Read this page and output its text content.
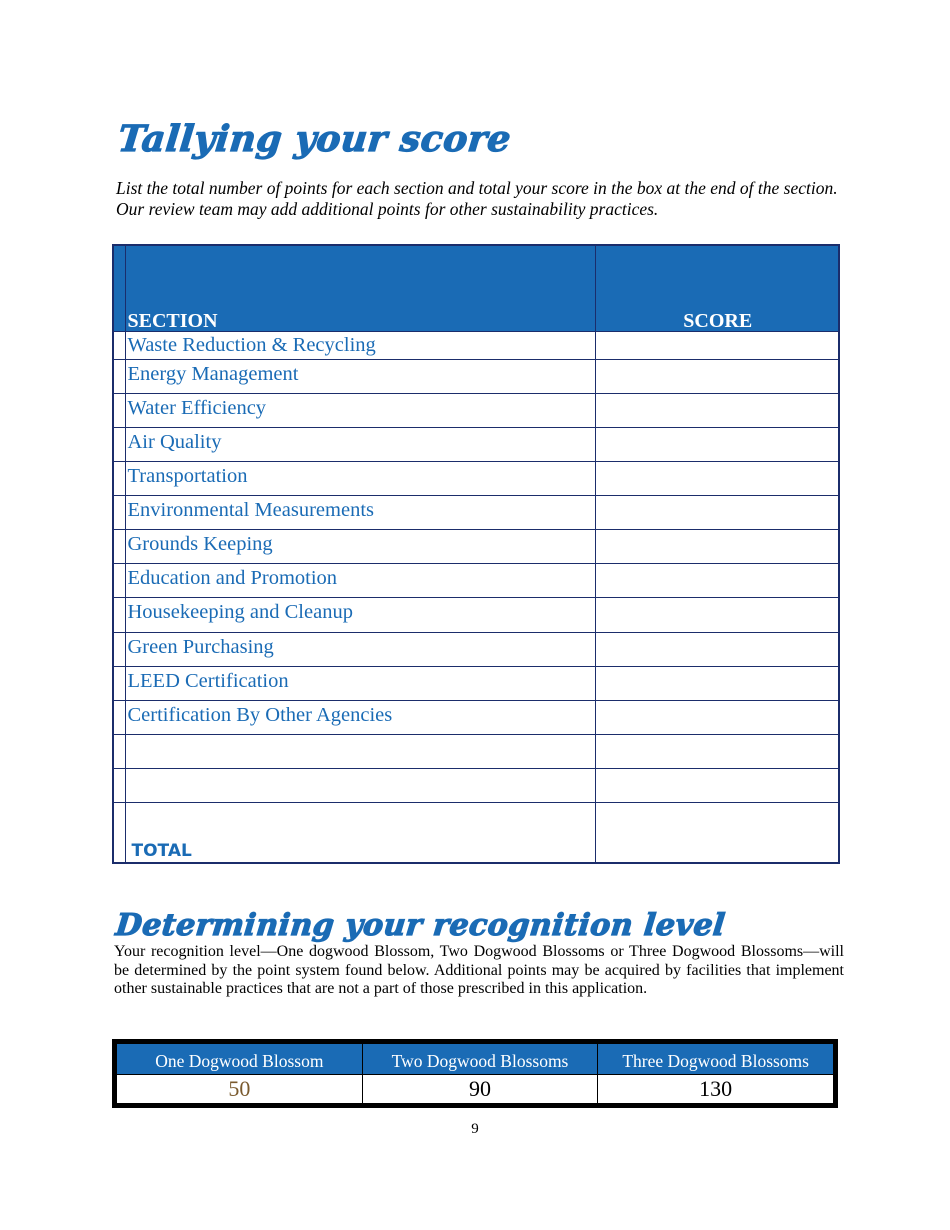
Tallying your score

List the total number of points for each section and total your score in the box at the end of the section. Our review team may add additional points for other sustainability practices.

	SECTION	SCORE
	Waste Reduction & Recycling	
	Energy Management	
	Water Efficiency	
	Air Quality	
	Transportation	
	Environmental Measurements	
	Grounds Keeping	
	Education and Promotion	
	Housekeeping and Cleanup	
	Green Purchasing	
	LEED Certification	
	Certification By Other Agencies	

	TOTAL	
Determining your recognition level

Your recognition level—One dogwood Blossom, Two Dogwood Blossoms or Three Dogwood Blossoms—will be determined by the point system found below. Additional points may be acquired by facilities that implement other sustainable practices that are not a part of those prescribed in this application.

One Dogwood Blossom	Two Dogwood Blossoms	Three Dogwood Blossoms
50	90	130
9
